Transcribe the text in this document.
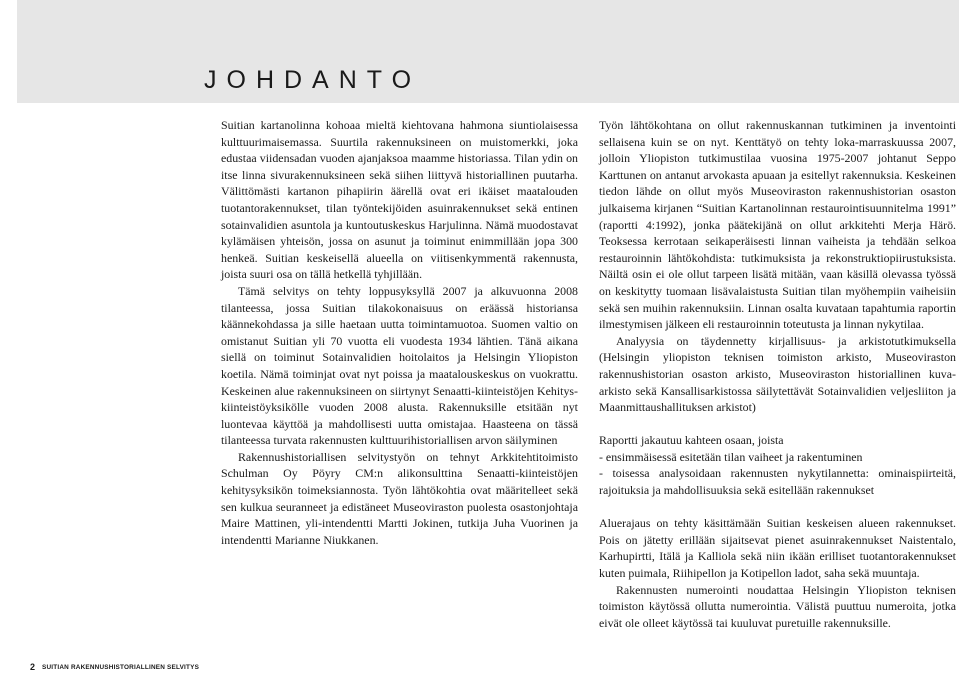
JOHDANTO

Suitian kartanolinna kohoaa mieltä kiehtovana hahmona siuntiolaisessa kulttuurimaisemassa. Suurtila rakennuksineen on muistomerkki, joka edustaa viidensadan vuoden ajanjaksoa maamme historiassa. Tilan ydin on itse linna sivurakennuksineen sekä siihen liittyvä historiallinen puutarha. Välittömästi kartanon pihapiirin äärellä ovat eri ikäiset maatalouden tuotantorakennukset, tilan työntekijöiden asuinrakennukset sekä entinen sotainvalidien asuntola ja kuntoutuskeskus Harjulinna. Nämä muodostavat kylämäisen yhteisön, jossa on asunut ja toiminut enimmillään jopa 300 henkeä. Suitian keskeisellä alueella on viitisenkymmentä rakennusta, joista suuri osa on tällä hetkellä tyhjillään.

Tämä selvitys on tehty loppusyksyllä 2007 ja alkuvuonna 2008 tilanteessa, jossa Suitian tilakokonaisuus on eräässä historiansa käännekohdassa ja sille haetaan uutta toimintamuotoa. Suomen valtio on omistanut Suitian yli 70 vuotta eli vuodesta 1934 lähtien. Tänä aikana siellä on toiminut Sotainvalidien hoitolaitos ja Helsingin Yliopiston koetila. Nämä toiminjat ovat nyt poissa ja maatalouskeskus on vuokrattu. Keskeinen alue rakennuksineen on siirtynyt Senaatti-kiinteistöjen Kehitys-kiinteistöyksikölle vuoden 2008 alusta. Rakennuksille etsitään nyt luontevaa käyttöä ja mahdollisesti uutta omistajaa. Haasteena on tässä tilanteessa turvata rakennusten kulttuurihistoriallisen arvon säilyminen

Rakennushistoriallisen selvitystyön on tehnyt Arkkitehtitoimisto Schulman Oy Pöyry CM:n alikonsulttina Senaatti-kiinteistöjen kehitysyksikön toimeksiannosta. Työn lähtökohtia ovat määritelleet sekä sen kulkua seuranneet ja edistäneet Museoviraston puolesta osastonjohtaja Maire Mattinen, yli-intendentti Martti Jokinen, tutkija Juha Vuorinen ja intendentti Marianne Niukkanen.

Työn lähtökohtana on ollut rakennuskannan tutkiminen ja inventointi sellaisena kuin se on nyt. Kenttätyö on tehty loka-marraskuussa 2007, jolloin Yliopiston tutkimustilaa vuosina 1975-2007 johtanut Seppo Karttunen on antanut arvokasta apuaan ja esitellyt rakennuksia. Keskeinen tiedon lähde on ollut myös Museoviraston rakennushistorian osaston julkaisema kirjanen “Suitian Kartanolinnan restaurointisuunnitelma 1991” (raportti 4:1992), jonka päätekijänä on ollut arkkitehti Merja Härö. Teoksessa kerrotaan seikaperäisesti linnan vaiheista ja tehdään selkoa restauroinnin lähtökohdista: tutkimuksista ja rekonstruktiopiirustuksista. Näiltä osin ei ole ollut tarpeen lisätä mitään, vaan käsillä olevassa työssä on keskitytty tuomaan lisävalaistusta Suitian tilan myöhempiin vaiheisiin sekä sen muihin rakennuksiin. Linnan osalta kuvataan tapahtumia raportin ilmestymisen jälkeen eli restauroinnin toteutusta ja linnan nykytilaa.

Analyysia on täydennetty kirjallisuus- ja arkistotutkimuksella (Helsingin yliopiston teknisen toimiston arkisto, Museoviraston rakennushistorian osaston arkisto, Museoviraston historiallinen kuva-arkisto sekä Kansallisarkistossa säilytettävät Sotainvalidien veljesliiton ja Maanmittaushallituksen arkistot)

Raportti jakautuu kahteen osaan, joista

- ensimmäisessä esitetään tilan vaiheet ja rakentuminen

- toisessa analysoidaan rakennusten nykytilannetta: ominaispiirteitä, rajoituksia ja mahdollisuuksia sekä esitellään rakennukset

Aluerajaus on tehty käsittämään Suitian keskeisen alueen rakennukset. Pois on jätetty erillään sijaitsevat pienet asuinrakennukset Naistentalo, Karhupirtti, Itälä ja Kalliola sekä niin ikään erilliset tuotantorakennukset kuten puimala, Riihipellon ja Kotipellon ladot, saha sekä muuntaja.

Rakennusten numerointi noudattaa Helsingin Yliopiston teknisen toimiston käytössä ollutta numerointia. Välistä puuttuu numeroita, jotka eivät ole olleet käytössä tai kuuluvat puretuille rakennuksille.

2 SUITIAN RAKENNUSHISTORIALLINEN SELVITYS
